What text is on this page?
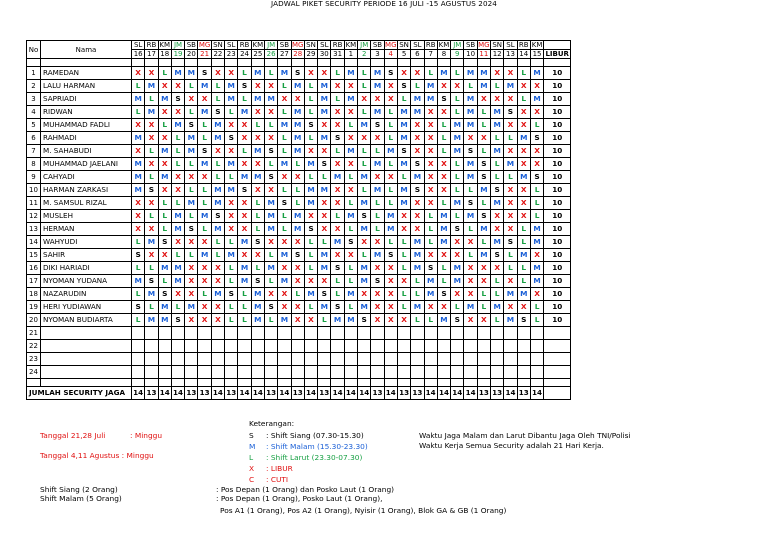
JADWAL PIKET SECURITY PERIODE 16 JULI -15 AGUSTUS 2024
No	Nama	SL	RB	KM	JM	SB	MG	SN	SL	RB	KM	JM	SB	MG	SN	SL	RB	KM	JM	SB	MG	SN	SL	RB	KM	JM	SB	MG	SN	SL	RB	KM	
		16	17	18	19	20	21	22	23	24	25	26	27	28	29	30	31	1	2	3	4	5	6	7	8	9	10	11	12	13	14	15	LIBUR

1	RAMEDAN	X	X	L	M	M	S	X	X	L	M	L	M	S	X	X	L	M	L	M	S	X	X	L	M	L	M	M	X	X	L	M	10
2	LALU HARMAN	L	M	X	X	L	M	L	M	S	X	X	L	M	L	M	X	X	L	M	X	S	L	M	X	X	L	M	L	M	X	X	10
3	SAPRIADI	M	L	M	S	X	X	L	M	L	M	M	X	X	L	M	L	M	X	X	X	L	M	M	S	L	M	X	X	X	L	M	10
4	RIDWAN	L	M	X	X	L	M	S	L	M	X	X	L	M	L	M	X	X	L	M	L	M	M	X	X	L	M	L	M	S	X	X	10
5	MUHAMMAD FADLI	X	X	L	M	S	L	M	X	X	L	L	M	M	S	X	X	L	M	S	L	M	X	X	L	M	M	L	M	X	X	L	10
6	RAHMADI	M	X	X	L	M	L	M	S	X	X	X	L	M	L	M	S	X	X	X	L	M	X	X	L	M	X	X	L	L	M	S	10
7	M. SAHABUDI	X	L	M	L	M	S	X	X	L	M	S	L	M	X	X	L	M	L	L	M	S	X	X	L	M	S	L	M	X	X	X	10
8	MUHAMMAD JAELANI	M	X	X	L	L	M	L	M	X	X	L	M	L	M	S	X	X	L	M	L	M	S	X	X	L	M	S	L	M	X	X	10
9	CAHYADI	M	L	M	X	X	X	L	L	M	M	S	X	X	L	L	M	L	M	X	X	L	M	X	X	L	M	S	L	L	M	S	10
10	HARMAN ZARKASI	M	S	X	X	L	L	M	M	S	X	X	L	L	M	M	X	X	L	M	L	M	S	X	X	L	L	M	S	X	X	L	10
11	M. SAMSUL RIZAL	X	X	L	L	M	L	M	X	X	L	M	S	L	M	X	X	L	M	L	L	M	X	X	L	M	S	L	M	X	X	L	10
12	MUSLEH	X	L	L	M	L	M	S	X	X	L	M	L	M	X	X	L	M	S	L	M	X	X	L	M	L	M	S	X	X	X	L	10
13	HERMAN	X	X	L	M	S	L	M	X	X	L	M	L	M	S	X	X	L	M	L	M	X	X	L	M	S	L	M	X	X	L	M	10
14	WAHYUDI	L	M	S	X	X	X	L	L	M	S	X	X	X	L	L	M	S	X	X	L	L	M	L	M	X	X	L	M	S	L	M	10
15	SAHIR	S	X	X	L	L	M	L	M	X	X	L	M	S	L	M	X	X	L	M	S	L	M	X	X	X	L	M	S	L	M	X	10
16	DIKI HARIADI	L	L	M	M	X	X	X	L	M	L	M	X	X	L	M	S	L	M	X	X	L	M	S	L	M	X	X	X	L	L	M	10
17	NYOMAN YUDANA	M	S	L	M	X	X	X	L	M	S	L	M	X	X	X	L	L	M	S	X	X	L	M	L	M	X	X	L	X	L	M	10
18	NAZARUDIN	L	M	S	X	X	L	M	S	L	M	X	X	L	M	S	L	M	X	X	X	L	L	M	S	X	X	L	L	M	M	X	10
19	HERI YUDIAWAN	S	L	M	L	M	X	X	L	L	M	S	X	X	L	M	S	L	M	X	X	L	M	X	X	L	M	L	M	X	X	L	10
20	NYOMAN BUDIARTA	L	M	M	S	X	X	X	L	L	M	L	M	X	X	L	M	M	S	X	X	X	L	L	M	S	X	X	L	M	S	L	10
21																																	
22																																	
23																																	
24																																	

JUMLAH SECURITY JAGA		14	13	14	14	13	13	14	13	14	14	13	14	13	14	13	14	14	14	13	14	13	13	14	14	14	14	13	13	14	13	14	
Tanggal 21,28 Juli	: Minggu
Tanggal 4,11 Agustus : Minggu
Keterangan:
S : Shift Siang (07.30-15.30)
M : Shift Malam (15.30-23.30)
L : Shift Larut (23.30-07.30)
X : LIBUR
C : CUTI
Waktu Jaga Malam dan Larut Dibantu Jaga Oleh TNI/Polisi
Waktu Kerja Semua Security adalah 21 Hari Kerja.
Shift Siang (2 Orang)
Shift Malam (5 Orang)
: Pos Depan (1 Orang) dan Posko Laut (1 Orang)
: Pos Depan (1 Orang), Posko Laut (1 Orang),
Pos A1 (1 Orang), Pos A2 (1 Orang), Nyisir (1 Orang), Blok GA & GB (1 Orang)
